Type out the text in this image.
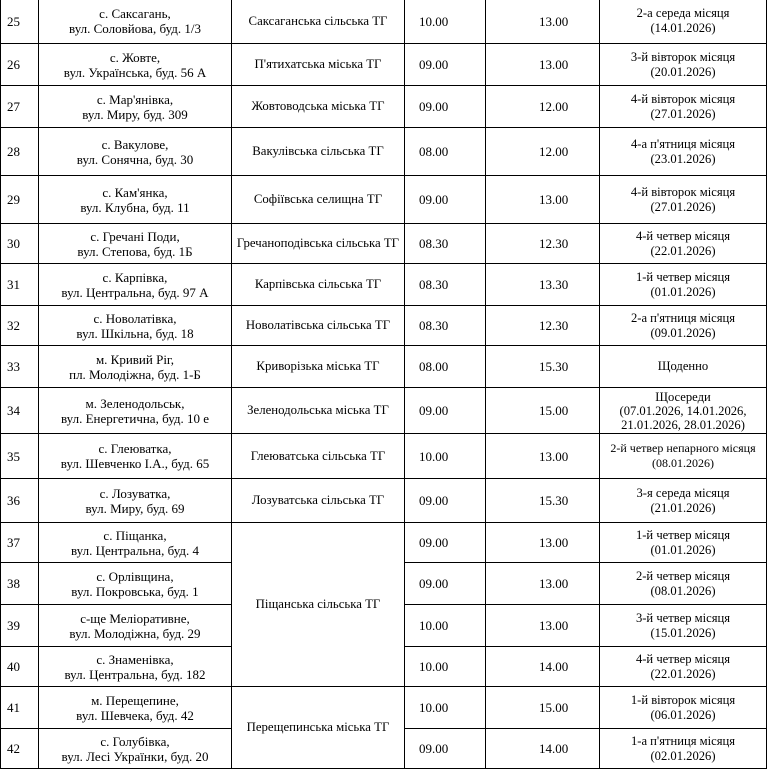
25	с. Саксагань,
вул. Соловйова, буд. 1/3	Саксаганська сільська ТГ	10.00	13.00	2-а середа місяця
(14.01.2026)

26	с. Жовте,
вул. Українська, буд. 56 А	П'ятихатська міська ТГ	09.00	13.00	3-й вівторок місяця
(20.01.2026)

27	с. Мар'янівка,
вул. Миру, буд. 309	Жовтоводська міська ТГ	09.00	12.00	4-й вівторок місяця
(27.01.2026)

28	с. Вакулове,
вул. Сонячна, буд. 30	Вакулівська сільська ТГ	08.00	12.00	4-а п'ятниця місяця
(23.01.2026)

29	с. Кам'янка,
вул. Клубна, буд. 11	Софіївська селищна ТГ	09.00	13.00	4-й вівторок місяця
(27.01.2026)

30	с. Гречані Поди,
вул. Степова, буд. 1Б	Гречаноподівська сільська ТГ	08.30	12.30	4-й четвер місяця
(22.01.2026)

31	с. Карпівка,
вул. Центральна, буд. 97 А	Карпівська сільська ТГ	08.30	13.30	1-й четвер місяця
(01.01.2026)

32	с. Новолатівка,
вул. Шкільна, буд. 18	Новолатівська сільська ТГ	08.30	12.30	2-а п'ятниця місяця
(09.01.2026)

33	м. Кривий Ріг,
пл. Молодіжна, буд. 1-Б	Криворізька міська ТГ	08.00	15.30	Щоденно

34	м. Зеленодольськ,
вул. Енергетична, буд. 10 е	Зеленодольська міська ТГ	09.00	15.00	Щосереди
(07.01.2026, 14.01.2026,
21.01.2026, 28.01.2026)

35	с. Глеюватка,
вул. Шевченко І.А., буд. 65	Глеюватська сільська ТГ	10.00	13.00	2-й четвер непарного місяця
(08.01.2026)

36	с. Лозуватка,
вул. Миру, буд. 69	Лозуватська сільська ТГ	09.00	15.30	3-я середа місяця
(21.01.2026)

37	с. Піщанка,
вул. Центральна, буд. 4	Піщанська сільська ТГ	09.00	13.00	1-й четвер місяця
(01.01.2026)

38	с. Орлівщина,
вул. Покровська, буд. 1		09.00	13.00	2-й четвер місяця
(08.01.2026)

39	с-ще Меліоративне,
вул. Молодіжна, буд. 29		10.00	13.00	3-й четвер місяця
(15.01.2026)

40	с. Знаменівка,
вул. Центральна, буд. 182		10.00	14.00	4-й четвер місяця
(22.01.2026)

41	м. Перещепине,
вул. Шевчека, буд. 42	Перещепинська міська ТГ	10.00	15.00	1-й вівторок місяця
(06.01.2026)

42	с. Голубівка,
вул. Лесі Українки, буд. 20		09.00	14.00	1-а п'ятниця місяця
(02.01.2026)
